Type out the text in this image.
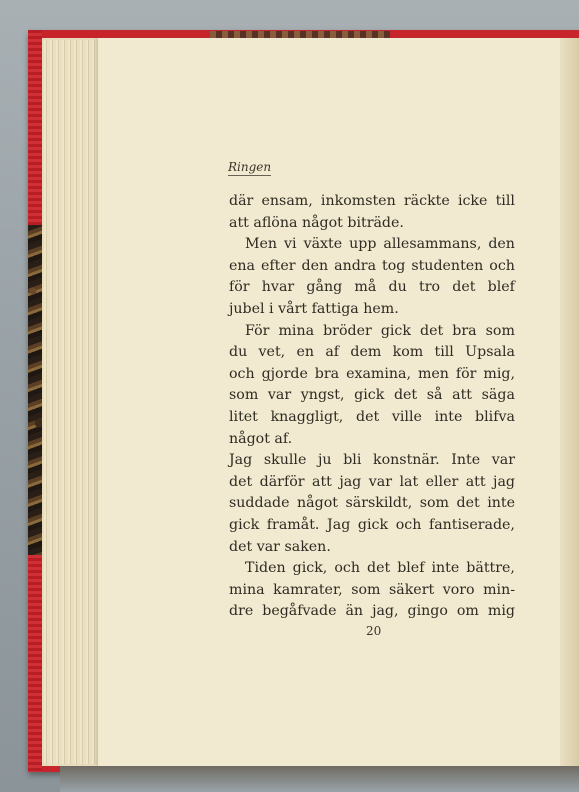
Ringen
där ensam, inkomsten räckte icke till
att aflöna något biträde.
Men vi växte upp allesammans, den
ena efter den andra tog studenten och
för hvar gång må du tro det blef
jubel i vårt fattiga hem.
För mina bröder gick det bra som
du vet, en af dem kom till Upsala
och gjorde bra examina, men för mig,
som var yngst, gick det så att säga
litet knaggligt, det ville inte blifva
något af.
Jag skulle ju bli konstnär. Inte var
det därför att jag var lat eller att jag
suddade något särskildt, som det inte
gick framåt. Jag gick och fantiserade,
det var saken.
Tiden gick, och det blef inte bättre,
mina kamrater, som säkert voro min-
dre begåfvade än jag, gingo om mig
20
